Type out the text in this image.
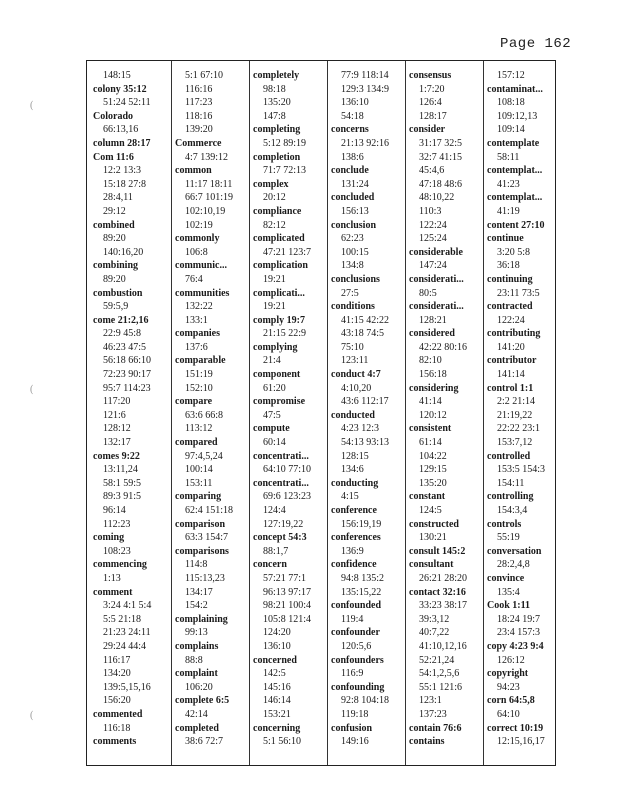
Page 162
(
(
(
148:15
colony 35:12
51:24 52:11
Colorado
66:13,16
column 28:17
Com 11:6
12:2 13:3
15:18 27:8
28:4,11
29:12
combined
89:20
140:16,20
combining
89:20
combustion
59:5,9
come 21:2,16
22:9 45:8
46:23 47:5
56:18 66:10
72:23 90:17
95:7 114:23
117:20
121:6
128:12
132:17
comes 9:22
13:11,24
58:1 59:5
89:3 91:5
96:14
112:23
coming
108:23
commencing
1:13
comment
3:24 4:1 5:4
5:5 21:18
21:23 24:11
29:24 44:4
116:17
134:20
139:5,15,16
156:20
commented
116:18
comments
5:1 67:10
116:16
117:23
118:16
139:20
Commerce
4:7 139:12
common
11:17 18:11
66:7 101:19
102:10,19
102:19
commonly
106:8
communic...
76:4
communities
132:22
133:1
companies
137:6
comparable
151:19
152:10
compare
63:6 66:8
113:12
compared
97:4,5,24
100:14
153:11
comparing
62:4 151:18
comparison
63:3 154:7
comparisons
114:8
115:13,23
134:17
154:2
complaining
99:13
complains
88:8
complaint
106:20
complete 6:5
42:14
completed
38:6 72:7
completely
98:18
135:20
147:8
completing
5:12 89:19
completion
71:7 72:13
complex
20:12
compliance
82:12
complicated
47:21 123:7
complication
19:21
complicati...
19:21
comply 19:7
21:15 22:9
complying
21:4
component
61:20
compromise
47:5
compute
60:14
concentrati...
64:10 77:10
concentrati...
69:6 123:23
124:4
127:19,22
concept 54:3
88:1,7
concern
57:21 77:1
96:13 97:17
98:21 100:4
105:8 121:4
124:20
136:10
concerned
142:5
145:16
146:14
153:21
concerning
5:1 56:10
77:9 118:14
129:3 134:9
136:10
54:18
concerns
21:13 92:16
138:6
conclude
131:24
concluded
156:13
conclusion
62:23
100:15
134:8
conclusions
27:5
conditions
41:15 42:22
43:18 74:5
75:10
123:11
conduct 4:7
4:10,20
43:6 112:17
conducted
4:23 12:3
54:13 93:13
128:15
134:6
conducting
4:15
conference
156:19,19
conferences
136:9
confidence
94:8 135:2
135:15,22
confounded
119:4
confounder
120:5,6
confounders
116:9
confounding
92:8 104:18
119:18
confusion
149:16
consensus
1:7:20
126:4
128:17
consider
31:17 32:5
32:7 41:15
45:4,6
47:18 48:6
48:10,22
110:3
122:24
125:24
considerable
147:24
considerati...
80:5
considerati...
128:21
considered
42:22 80:16
82:10
156:18
considering
41:14
120:12
consistent
61:14
104:22
129:15
135:20
constant
124:5
constructed
130:21
consult 145:2
consultant
26:21 28:20
contact 32:16
33:23 38:17
39:3,12
40:7,22
41:10,12,16
52:21,24
54:1,2,5,6
55:1 121:6
123:1
137:23
contain 76:6
contains
157:12
contaminat...
108:18
109:12,13
109:14
contemplate
58:11
contemplat...
41:23
contemplat...
41:19
content 27:10
continue
3:20 5:8
36:18
continuing
23:11 73:5
contracted
122:24
contributing
141:20
contributor
141:14
control 1:1
2:2 21:14
21:19,22
22:22 23:1
153:7,12
controlled
153:5 154:3
154:11
controlling
154:3,4
controls
55:19
conversation
28:2,4,8
convince
135:4
Cook 1:11
18:24 19:7
23:4 157:3
copy 4:23 9:4
126:12
copyright
94:23
corn 64:5,8
64:10
correct 10:19
12:15,16,17
